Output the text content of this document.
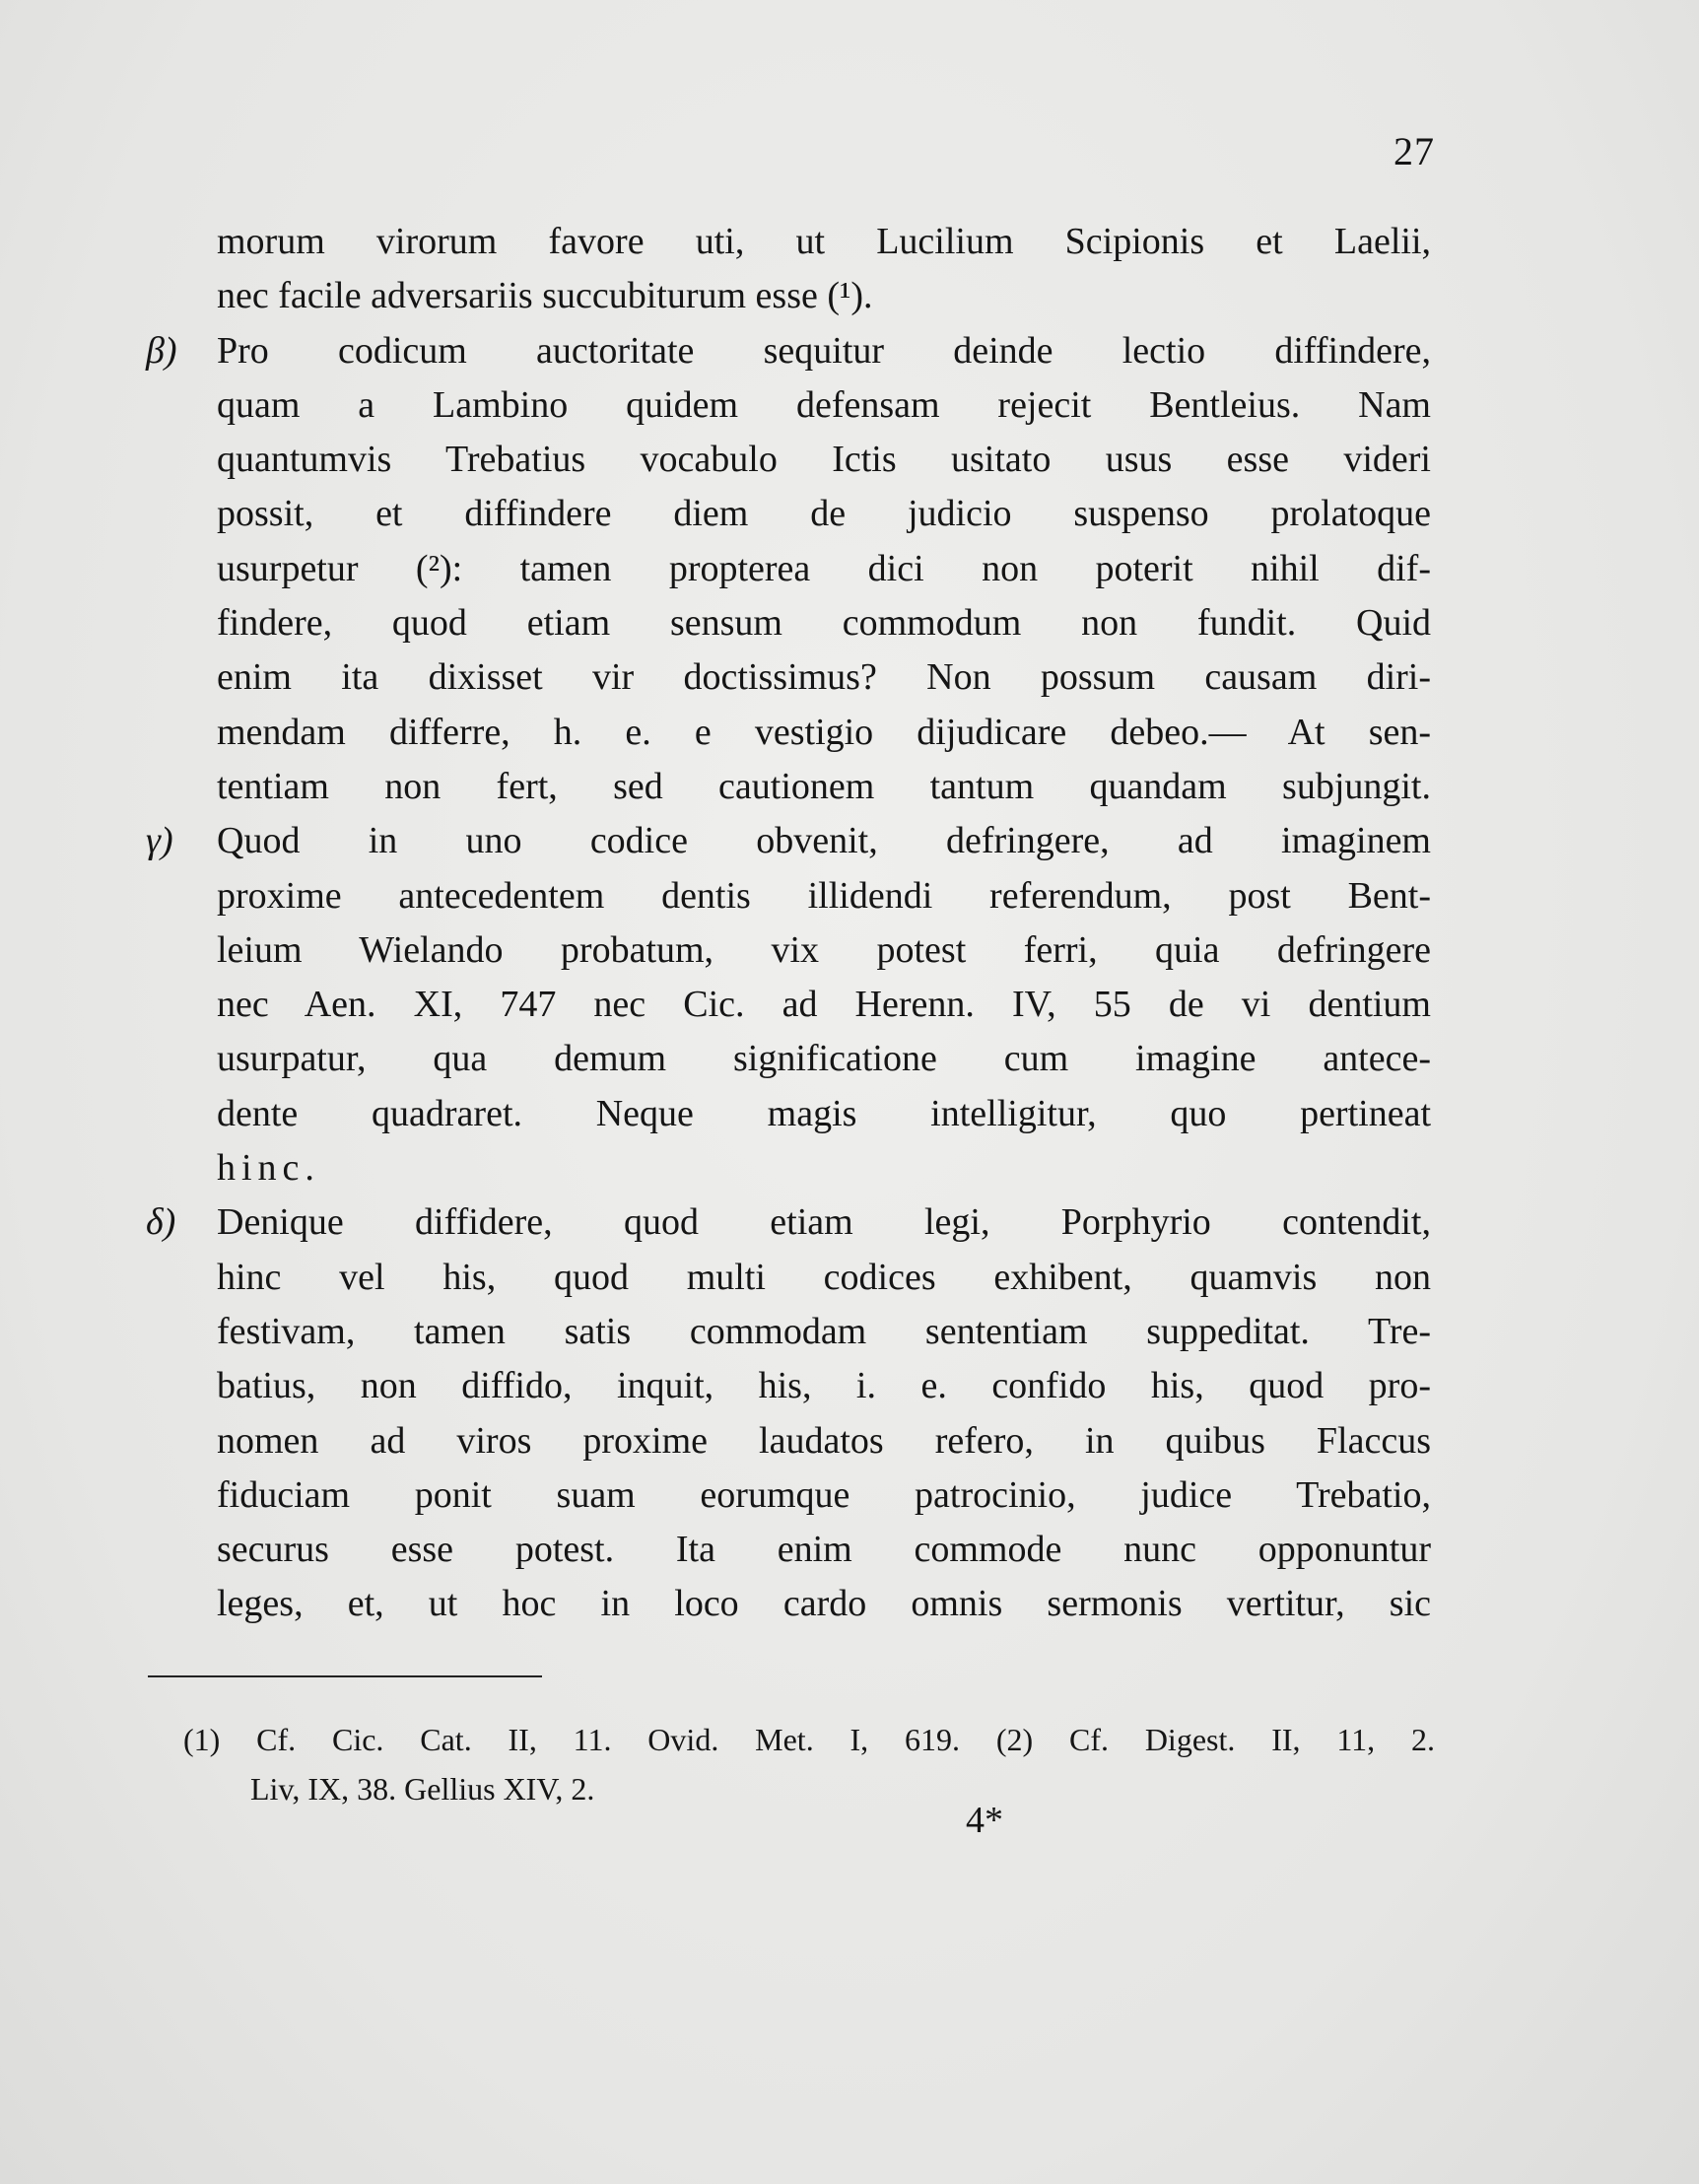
27
morum virorum favore uti, ut Lucilium Scipionis et Laelii,
nec facile adversariis succubiturum esse (¹).
β) Pro codicum auctoritate sequitur deinde lectio diffindere,
quam a Lambino quidem defensam rejecit Bentleius. Nam
quantumvis Trebatius vocabulo Ictis usitato usus esse videri
possit, et diffindere diem de judicio suspenso prolatoque
usurpetur (²): tamen propterea dici non poterit nihil dif-
findere, quod etiam sensum commodum non fundit. Quid
enim ita dixisset vir doctissimus? Non possum causam diri-
mendam differre, h. e. e vestigio dijudicare debeo.— At sen-
tentiam non fert, sed cautionem tantum quandam subjungit.
γ) Quod in uno codice obvenit, defringere, ad imaginem
proxime antecedentem dentis illidendi referendum, post Bent-
leium Wielando probatum, vix potest ferri, quia defringere
nec Aen. XI, 747 nec Cic. ad Herenn. IV, 55 de vi dentium
usurpatur, qua demum significatione cum imagine antece-
dente quadraret. Neque magis intelligitur, quo pertineat
hinc.
δ) Denique diffidere, quod etiam legi, Porphyrio contendit,
hinc vel his, quod multi codices exhibent, quamvis non
festivam, tamen satis commodam sententiam suppeditat. Tre-
batius, non diffido, inquit, his, i. e. confido his, quod pro-
nomen ad viros proxime laudatos refero, in quibus Flaccus
fiduciam ponit suam eorumque patrocinio, judice Trebatio,
securus esse potest. Ita enim commode nunc opponuntur
leges, et, ut hoc in loco cardo omnis sermonis vertitur, sic
(1) Cf. Cic. Cat. II, 11. Ovid. Met. I, 619. (2) Cf. Digest. II, 11, 2.
Liv, IX, 38. Gellius XIV, 2.
4*
